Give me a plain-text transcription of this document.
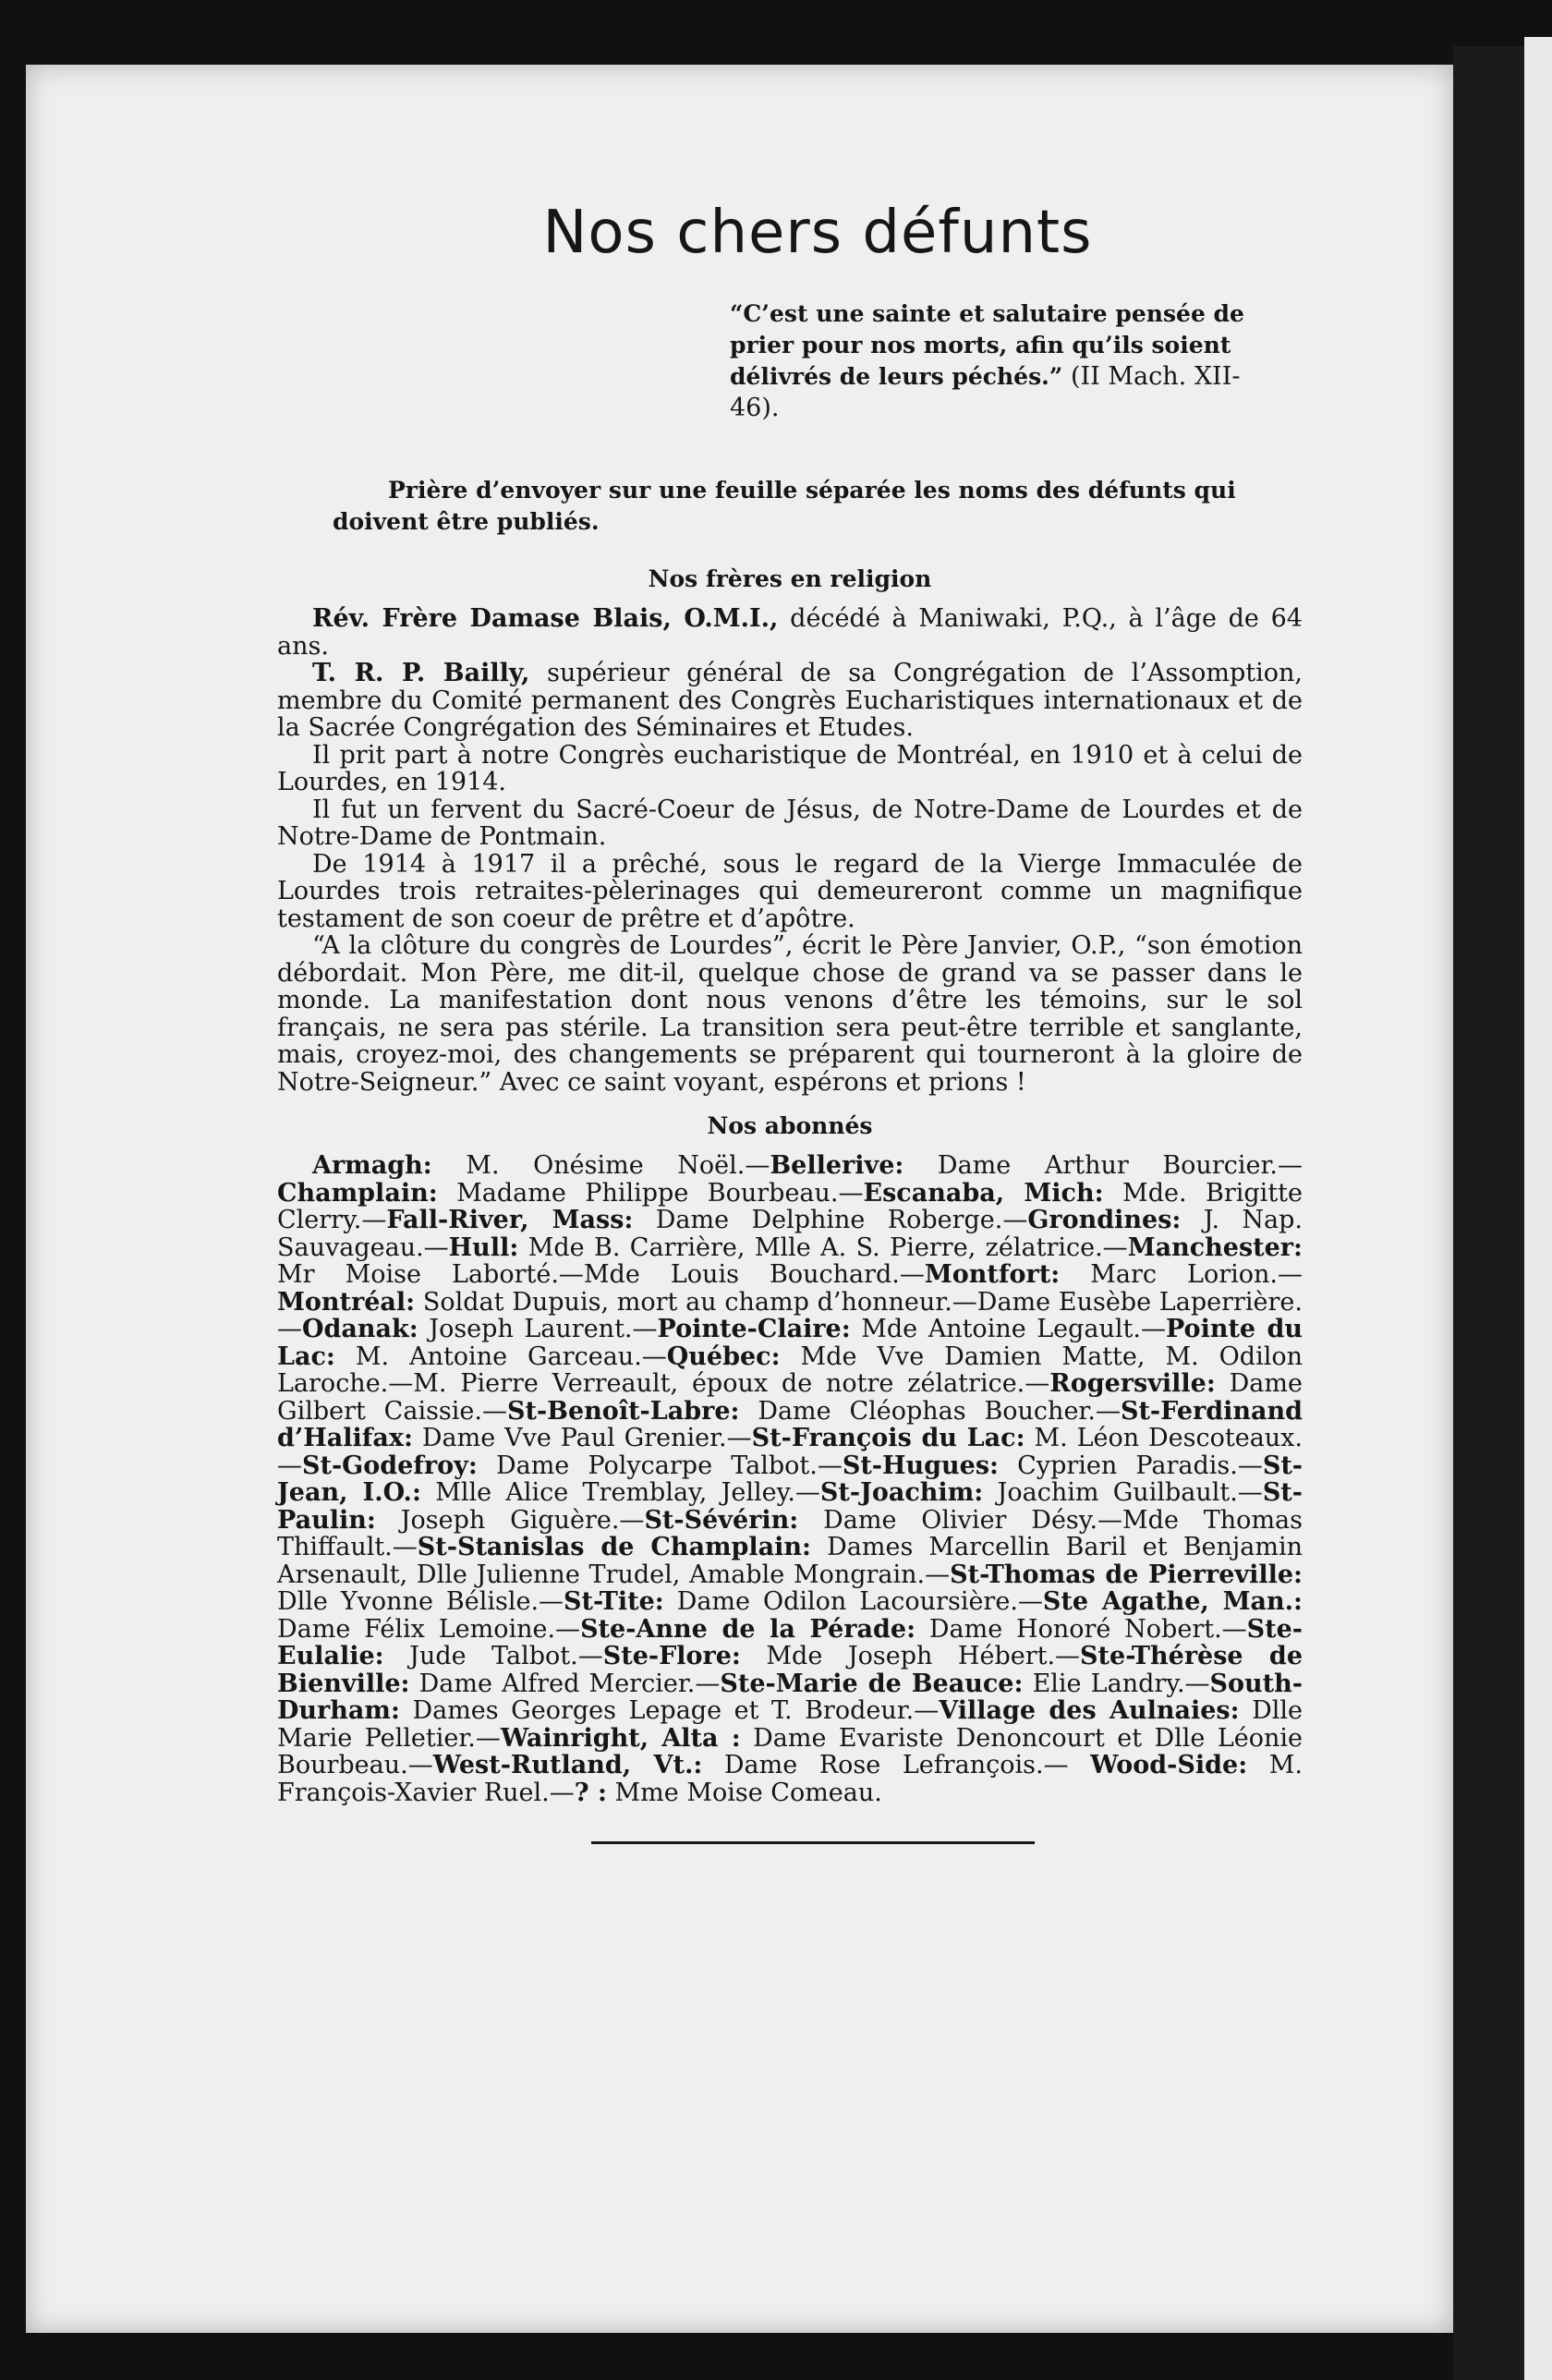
Nos chers défunts
“C’est une sainte et salutaire pensée de prier pour nos morts, afin qu’ils soient délivrés de leurs péchés.” (II Mach. XII-46).
Prière d’envoyer sur une feuille séparée les noms des défunts qui doivent être publiés.
Nos frères en religion

Rév. Frère Damase Blais, O.M.I., décédé à Maniwaki, P.Q., à l’âge de 64 ans.

T. R. P. Bailly, supérieur général de sa Congrégation de l’Assomption, membre du Comité permanent des Congrès Eucharistiques internationaux et de la Sacrée Congrégation des Séminaires et Etudes.

Il prit part à notre Congrès eucharistique de Montréal, en 1910 et à celui de Lourdes, en 1914.

Il fut un fervent du Sacré-Coeur de Jésus, de Notre-Dame de Lourdes et de Notre-Dame de Pontmain.

De 1914 à 1917 il a prêché, sous le regard de la Vierge Immaculée de Lourdes trois retraites-pèlerinages qui demeureront comme un magnifique testament de son coeur de prêtre et d’apôtre.

“A la clôture du congrès de Lourdes”, écrit le Père Janvier, O.P., “son émotion débordait. Mon Père, me dit-il, quelque chose de grand va se passer dans le monde. La manifestation dont nous venons d’être les témoins, sur le sol français, ne sera pas stérile. La transition sera peut-être terrible et sanglante, mais, croyez-moi, des changements se préparent qui tourneront à la gloire de Notre-Seigneur.” Avec ce saint voyant, espérons et prions !

Nos abonnés
Armagh: M. Onésime Noël.—Bellerive: Dame Arthur Bourcier.—Champlain: Madame Philippe Bourbeau.—Escanaba, Mich: Mde. Brigitte Clerry.—Fall-River, Mass: Dame Delphine Roberge.—Grondines: J. Nap. Sauvageau.—Hull: Mde B. Carrière, Mlle A. S. Pierre, zélatrice.—Manchester: Mr Moise Laborté.—Mde Louis Bouchard.—Montfort: Marc Lorion.—Montréal: Soldat Dupuis, mort au champ d’honneur.—Dame Eusèbe Laperrière.—Odanak: Joseph Laurent.—Pointe-Claire: Mde Antoine Legault.—Pointe du Lac: M. Antoine Garceau.—Québec: Mde Vve Damien Matte, M. Odilon Laroche.—M. Pierre Verreault, époux de notre zélatrice.—Rogersville: Dame Gilbert Caissie.—St-Benoît-Labre: Dame Cléophas Boucher.—St-Ferdinand d’Halifax: Dame Vve Paul Grenier.—St-François du Lac: M. Léon Descoteaux.—St-Godefroy: Dame Polycarpe Talbot.—St-Hugues: Cyprien Paradis.—St-Jean, I.O.: Mlle Alice Tremblay, Jelley.—St-Joachim: Joachim Guilbault.—St-Paulin: Joseph Giguère.—St-Sévérin: Dame Olivier Désy.—Mde Thomas Thiffault.—St-Stanislas de Champlain: Dames Marcellin Baril et Benjamin Arsenault, Dlle Julienne Trudel, Amable Mongrain.—St-Thomas de Pierreville: Dlle Yvonne Bélisle.—St-Tite: Dame Odilon Lacoursière.—Ste Agathe, Man.: Dame Félix Lemoine.—Ste-Anne de la Pérade: Dame Honoré Nobert.—Ste-Eulalie: Jude Talbot.—Ste-Flore: Mde Joseph Hébert.—Ste-Thérèse de Bienville: Dame Alfred Mercier.—Ste-Marie de Beauce: Elie Landry.—South-Durham: Dames Georges Lepage et T. Brodeur.—Village des Aulnaies: Dlle Marie Pelletier.—Wainright, Alta : Dame Evariste Denoncourt et Dlle Léonie Bourbeau.—West-Rutland, Vt.: Dame Rose Lefrançois.— Wood-Side: M. François-Xavier Ruel.—? : Mme Moise Comeau.
